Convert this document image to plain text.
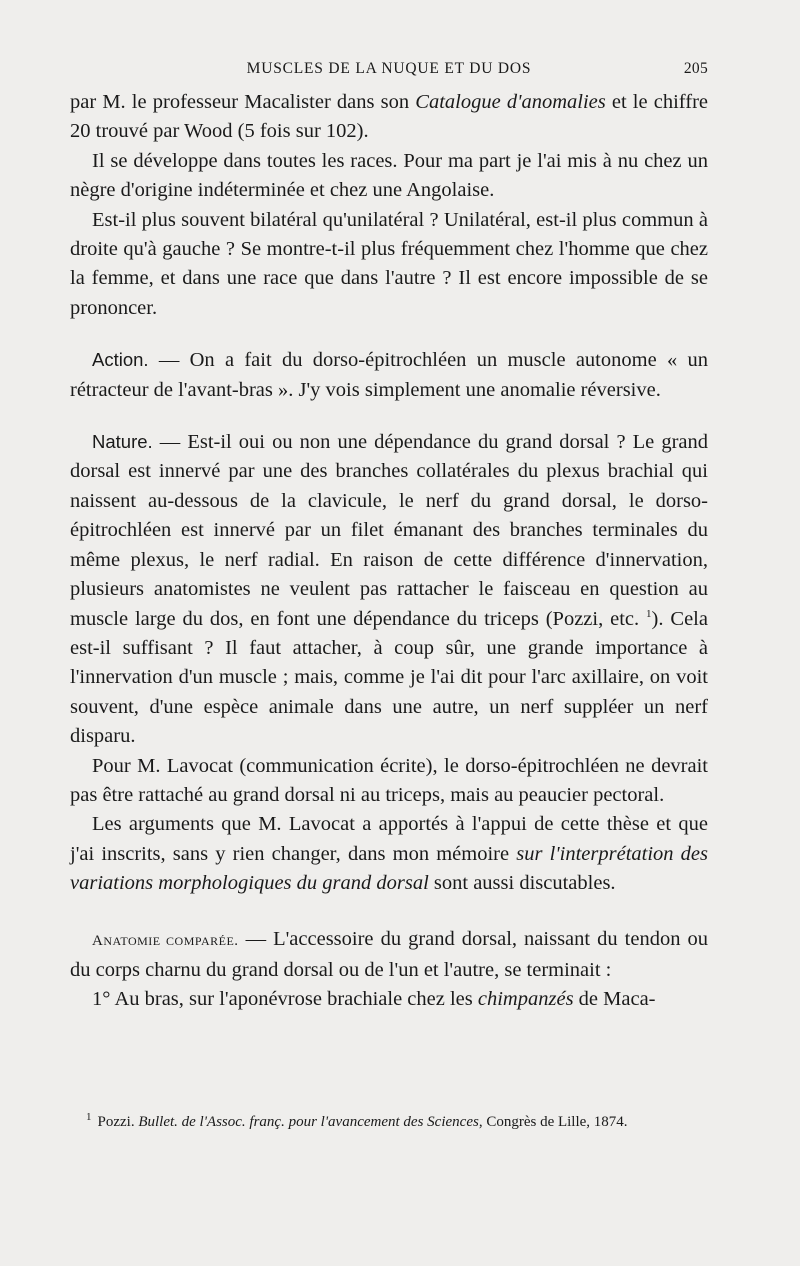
MUSCLES DE LA NUQUE ET DU DOS	205

par M. le professeur Macalister dans son Catalogue d'anomalies et le chiffre 20 trouvé par Wood (5 fois sur 102).

Il se développe dans toutes les races. Pour ma part je l'ai mis à nu chez un nègre d'origine indéterminée et chez une Angolaise.

Est-il plus souvent bilatéral qu'unilatéral ? Unilatéral, est-il plus commun à droite qu'à gauche ? Se montre-t-il plus fréquemment chez l'homme que chez la femme, et dans une race que dans l'autre ? Il est encore impossible de se prononcer.

Action. — On a fait du dorso-épitrochléen un muscle autonome « un rétracteur de l'avant-bras ». J'y vois simplement une anomalie réversive.

Nature. — Est-il oui ou non une dépendance du grand dorsal ? Le grand dorsal est innervé par une des branches collatérales du plexus brachial qui naissent au-dessous de la clavicule, le nerf du grand dorsal, le dorso-épitrochléen est innervé par un filet émanant des branches terminales du même plexus, le nerf radial. En raison de cette différence d'innervation, plusieurs anatomistes ne veulent pas rattacher le faisceau en question au muscle large du dos, en font une dépendance du triceps (Pozzi, etc. $^1$). Cela est-il suffisant ? Il faut attacher, à coup sûr, une grande importance à l'innervation d'un muscle ; mais, comme je l'ai dit pour l'arc axillaire, on voit souvent, d'une espèce animale dans une autre, un nerf suppléer un nerf disparu.

Pour M. Lavocat (communication écrite), le dorso-épitrochléen ne devrait pas être rattaché au grand dorsal ni au triceps, mais au peaucier pectoral.

Les arguments que M. Lavocat a apportés à l'appui de cette thèse et que j'ai inscrits, sans y rien changer, dans mon mémoire sur l'interprétation des variations morphologiques du grand dorsal sont aussi discutables.

ANATOMIE COMPARÉE. — L'accessoire du grand dorsal, naissant du tendon ou du corps charnu du grand dorsal ou de l'un et l'autre, se terminait :

1° Au bras, sur l'aponévrose brachiale chez les chimpanzés de Maca-

$^1$ Pozzi. Bullet. de l'Assoc. franç. pour l'avancement des Sciences, Congrès de Lille, 1874.
